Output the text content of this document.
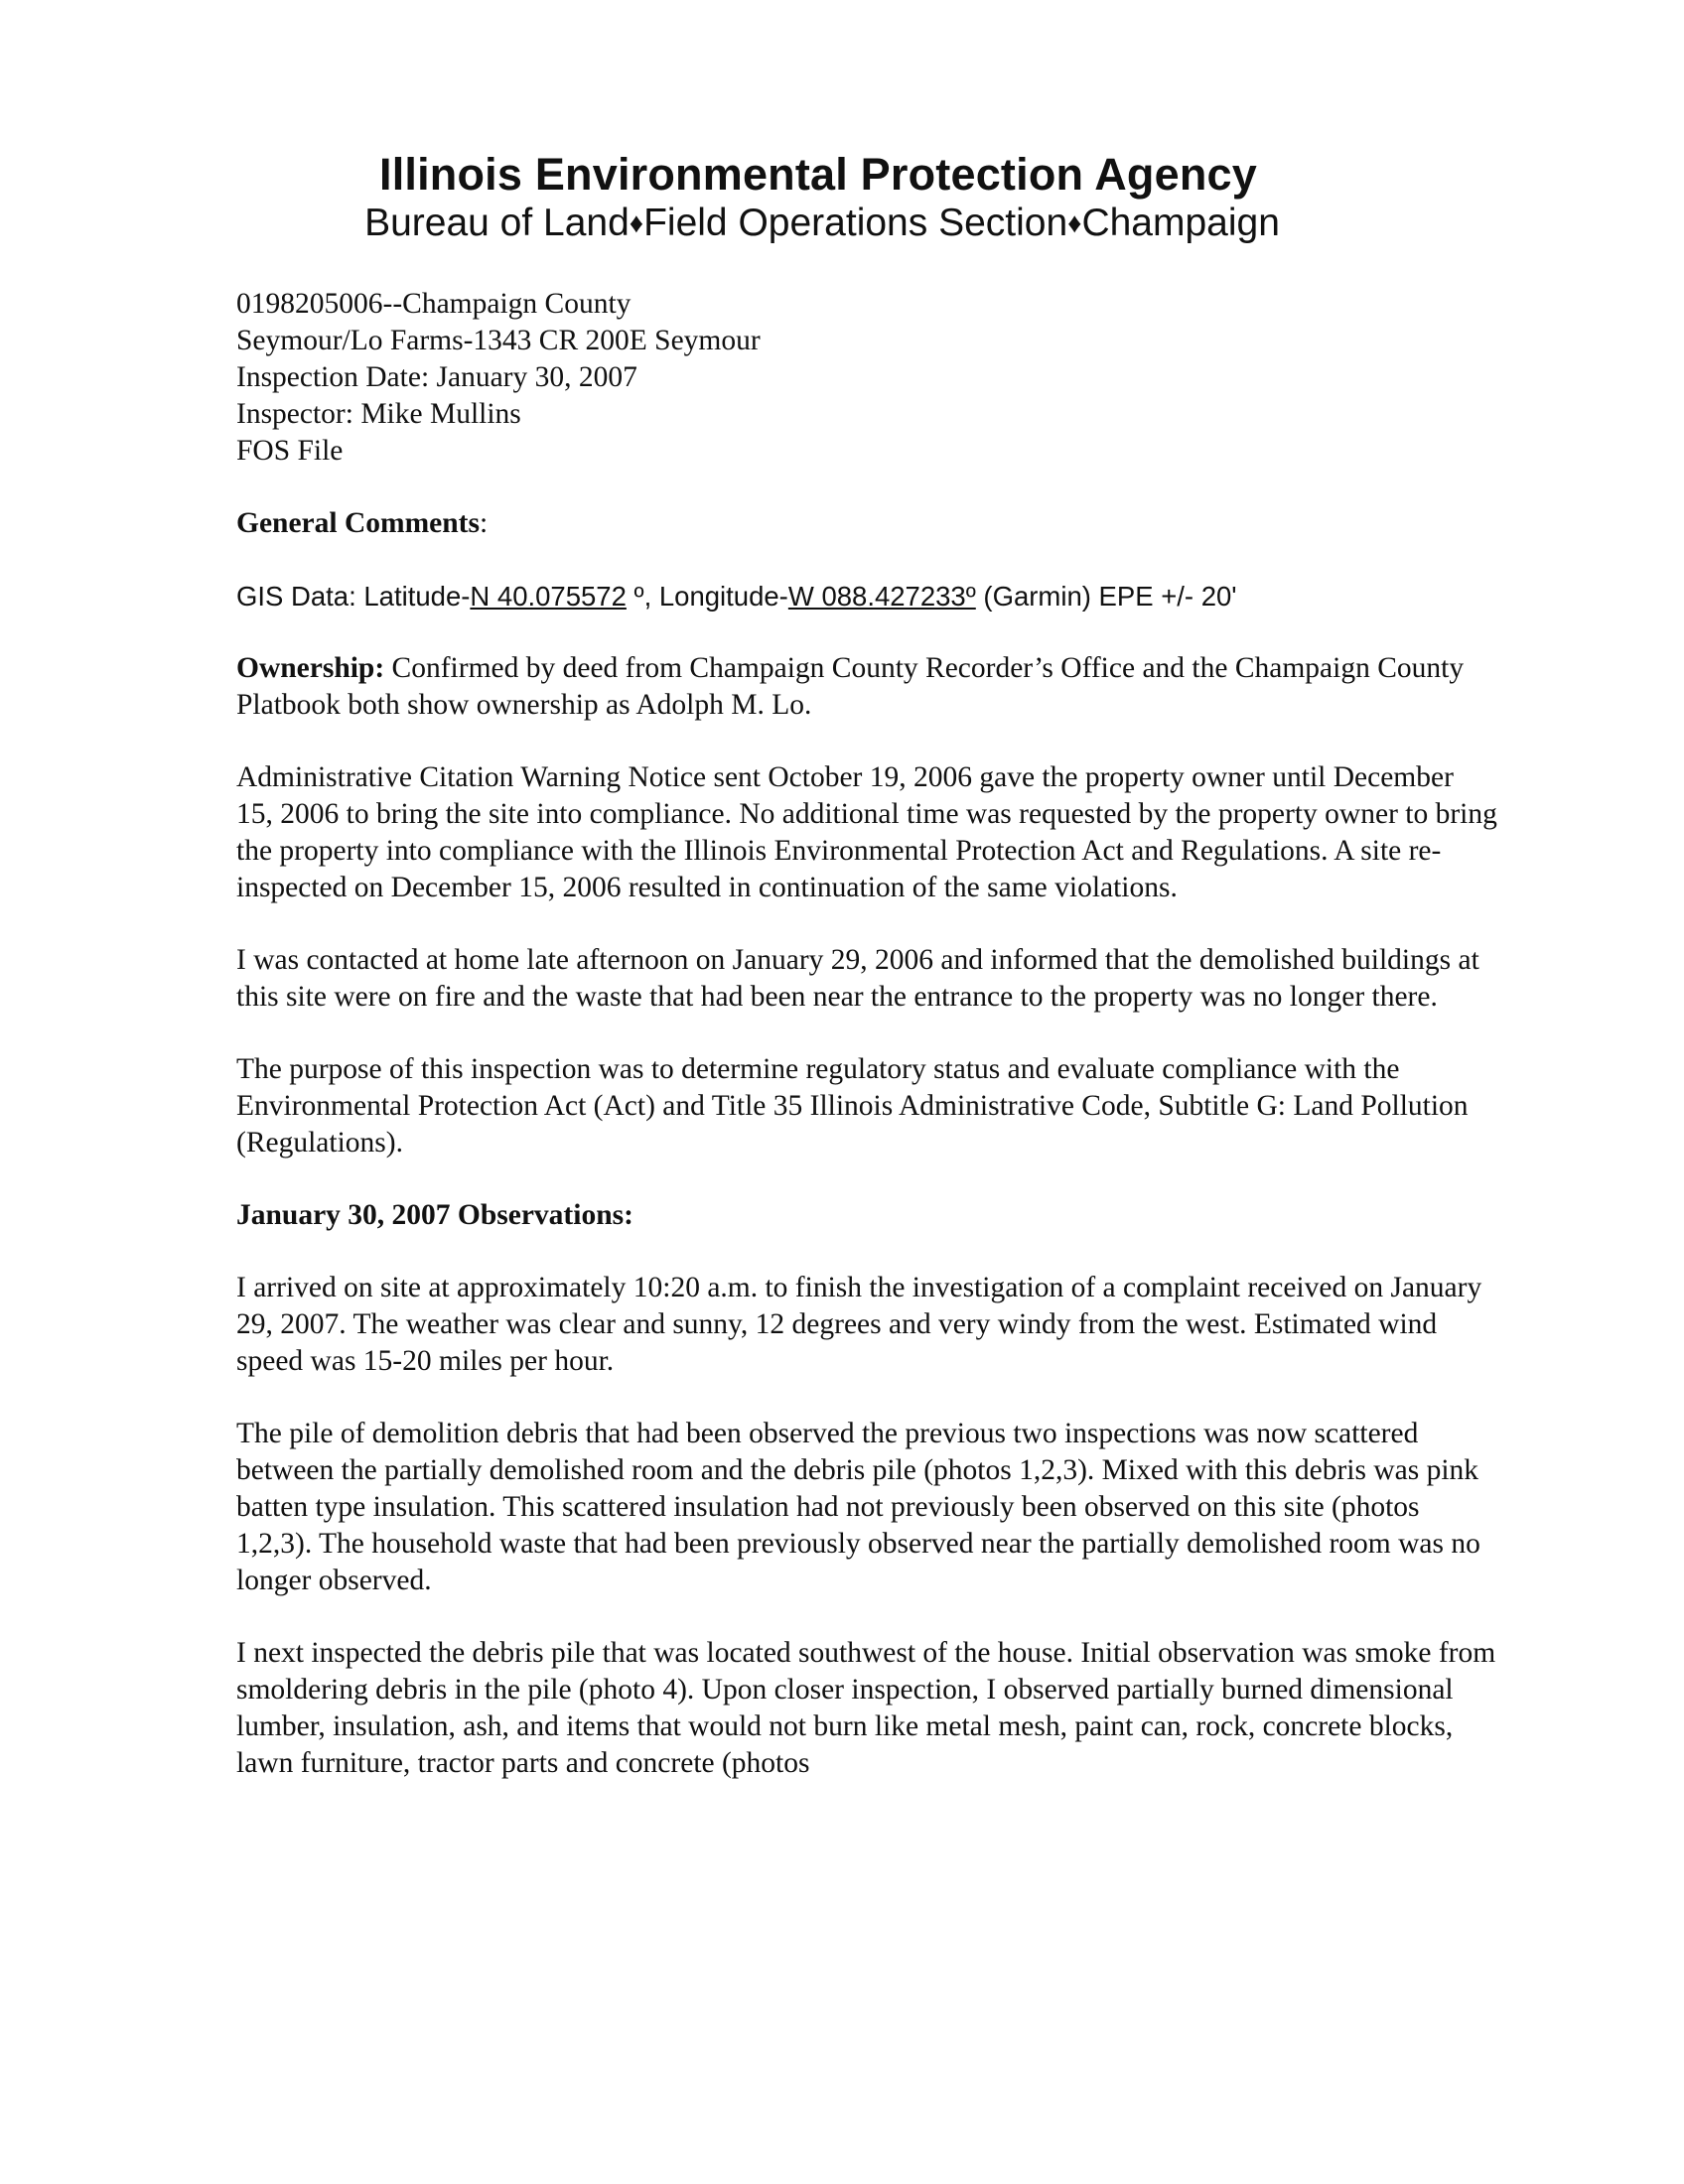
Illinois Environmental Protection Agency
Bureau of Land♦Field Operations Section♦Champaign

0198205006--Champaign County

Seymour/Lo Farms-1343 CR 200E Seymour

Inspection Date: January 30, 2007

Inspector: Mike Mullins

FOS File

General Comments:

GIS Data: Latitude-N 40.075572 º, Longitude-W 088.427233º (Garmin) EPE +/- 20'

Ownership: Confirmed by deed from Champaign County Recorder’s Office and the Champaign County Platbook both show ownership as Adolph M. Lo.

Administrative Citation Warning Notice sent October 19, 2006 gave the property owner until December 15, 2006 to bring the site into compliance. No additional time was requested by the property owner to bring the property into compliance with the Illinois Environmental Protection Act and Regulations. A site re-inspected on December 15, 2006 resulted in continuation of the same violations.

I was contacted at home late afternoon on January 29, 2006 and informed that the demolished buildings at this site were on fire and the waste that had been near the entrance to the property was no longer there.

The purpose of this inspection was to determine regulatory status and evaluate compliance with the Environmental Protection Act (Act) and Title 35 Illinois Administrative Code, Subtitle G: Land Pollution (Regulations).

January 30, 2007 Observations:

I arrived on site at approximately 10:20 a.m. to finish the investigation of a complaint received on January 29, 2007. The weather was clear and sunny, 12 degrees and very windy from the west. Estimated wind speed was 15-20 miles per hour.

The pile of demolition debris that had been observed the previous two inspections was now scattered between the partially demolished room and the debris pile (photos 1,2,3). Mixed with this debris was pink batten type insulation. This scattered insulation had not previously been observed on this site (photos 1,2,3). The household waste that had been previously observed near the partially demolished room was no longer observed.

I next inspected the debris pile that was located southwest of the house. Initial observation was smoke from smoldering debris in the pile (photo 4). Upon closer inspection, I observed partially burned dimensional lumber, insulation, ash, and items that would not burn like metal mesh, paint can, rock, concrete blocks, lawn furniture, tractor parts and concrete (photos
